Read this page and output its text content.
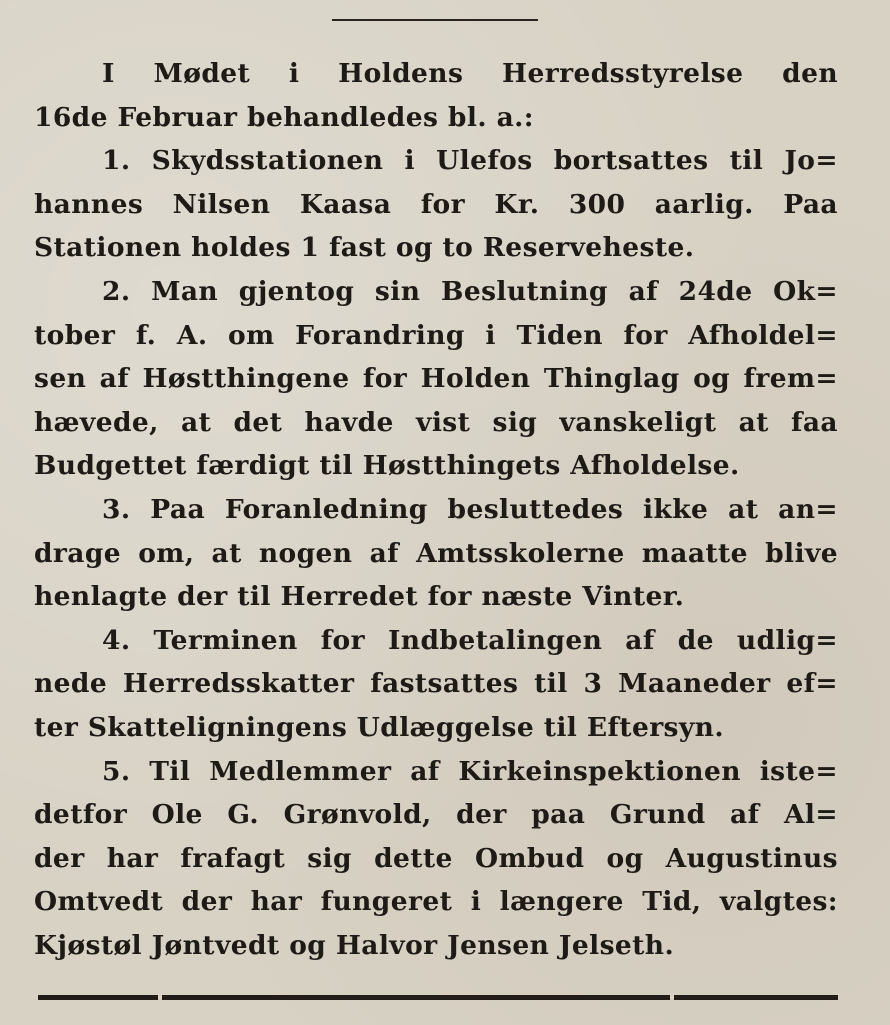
I Mødet i Holdens Herredsstyrelse den
16de Februar behandledes bl. a.:
1. Skydsstationen i Ulefos bortsattes til Jo=
hannes Nilsen Kaasa for Kr. 300 aarlig. Paa
Stationen holdes 1 fast og to Reserveheste.
2. Man gjentog sin Beslutning af 24de Ok=
tober f. A. om Forandring i Tiden for Afholdel=
sen af Høstthingene for Holden Thinglag og frem=
hævede, at det havde vist sig vanskeligt at faa
Budgettet færdigt til Høstthingets Afholdelse.
3. Paa Foranledning besluttedes ikke at an=
drage om, at nogen af Amtsskolerne maatte blive
henlagte der til Herredet for næste Vinter.
4. Terminen for Indbetalingen af de udlig=
nede Herredsskatter fastsattes til 3 Maaneder ef=
ter Skatteligningens Udlæggelse til Eftersyn.
5. Til Medlemmer af Kirkeinspektionen iste=
detfor Ole G. Grønvold, der paa Grund af Al=
der har frafagt sig dette Ombud og Augustinus
Omtvedt der har fungeret i længere Tid, valgtes:
Kjøstøl Jøntvedt og Halvor Jensen Jelseth.
